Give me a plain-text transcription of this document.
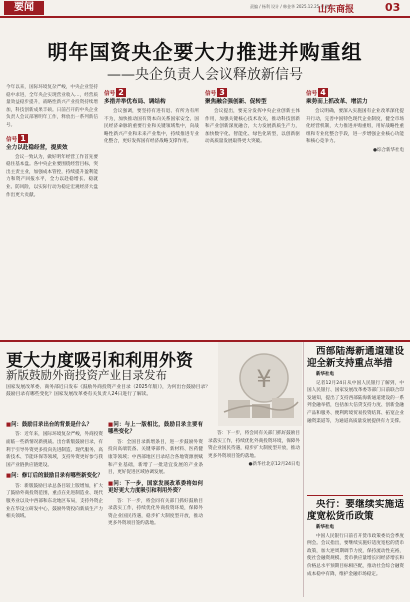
要闻	责编 / 杨利 设计 / 韩金华 2025.12.25 星期四
山东商报	03
明年国资央企要大力推进并购重组
——央企负责人会议释放新信号

今年以来，国际环境复杂严峻，中央企业坚持稳中求进，全年央企实现营业收入…，经营质量效益稳步提升，战略性新兴产业投资持续增加，科技创新成果丰硕。日前召开的中央企业负责人会议部署明年工作，释放出一系列新信号。

信号 1
全力以赴稳经营，提质效

会议一致认为，做好明年经营工作首先要稳住基本盘。各中央企业要围绕经营目标，突出主责主业，加强成本管控，持续提升盈利能力和资产回报水平，全力以赴稳增长、稳就业、防风险，以实际行动为稳定宏观经济大盘作出更大贡献。

信号 2
多措并举优布局、调结构

会议强调，要坚持有进有退、有所为有所不为，加快推动国有资本向关系国家安全、国民经济命脉的重要行业和关键领域集中，向战略性新兴产业和未来产业集中，持续推进专业化整合，更好发挥国有经济战略支撑作用。

信号 3
聚焦融合强创新、促转型

会议提出，要充分发挥中央企业创新主体作用，加强关键核心技术攻关，推动科技创新和产业创新深度融合，大力发展新质生产力，加快数字化、智能化、绿色化转型，以创新驱动高质量发展取得更大突破。

信号 4
乘势而上抓改革、增活力

会议明确，要深入实施国有企业改革深化提升行动，完善中国特色现代企业制度，健全市场化经营机制，大力推进并购重组，用好战略性重组和专业化整合手段，进一步增强企业核心功能和核心竞争力。

●综合新华社电

更大力度吸引和利用外资
新版鼓励外商投资产业目录发布
国家发展改革委、商务部近日发布《鼓励外商投资产业目录（2025年版）》，为何出台鼓励目录？鼓励目录有哪些变化？国家发展改革委有关负责人24日进行了解读。
¥
■问：鼓励目录出台的背景是什么？

答：近年来，国际环境复杂严峻，外商投资面临一些新情况新挑战。出台新版鼓励目录，有利于引导外资更多投向先进制造、现代服务、高新技术、节能环保等领域，支持外资更好参与我国产业链供应链建设。

■问：修订后的鼓励目录有哪些新变化？

答：新版鼓励目录总条目较上版增加，扩大了鼓励外商投资范围，重点在先进制造业、现代服务业以及中西部和东北地区布局，支持外资企业在华设立研发中心，鼓励外资投向新质生产力相关领域。

■问：与上一版相比，鼓励目录主要有哪些变化？

答：全国目录新增条目，进一步鼓励外资投向高端装备、关键零部件、新材料、医药健康等领域；中西部地区目录结合各地资源禀赋和产业基础，新增了一批适宜发展的产业条目，更好促进区域协调发展。

■问：下一步，国家发展改革委将如何更好更大力度吸引和利用外资？

答：下一步，将会同有关部门抓好鼓励目录落实工作，持续优化外商投资环境，保障外资企业国民待遇，稳步扩大制度型开放，推动更多外资项目签约落地。

答：下一步，将会同有关部门抓好鼓励目录落实工作，持续优化外商投资环境，保障外资企业国民待遇，稳步扩大制度型开放，推动更多外资项目签约落地。

●新华社北京12月24日电

西部陆海新通道建设迎全新支持重点举措

新华社电

记者12月24日从中国人民银行了解到，中国人民银行、国家发展改革委等部门日前联合印发通知，提出了支持西部陆海新通道建设的一系列金融举措，包括加大信贷支持力度、创新金融产品和服务、便利跨境贸易投资结算、拓宽企业融资渠道等，为通道高质量发展提供有力支撑。

央行：要继续实施适度宽松货币政策

新华社电

中国人民银行日前召开货币政策委员会季度例会。会议指出，要继续实施好适度宽松的货币政策，加大逆周期调节力度，保持流动性充裕，使社会融资规模、货币供应量增长同经济增长和价格总水平预期目标相匹配，推动社会综合融资成本稳中有降，维护金融市场稳定。
